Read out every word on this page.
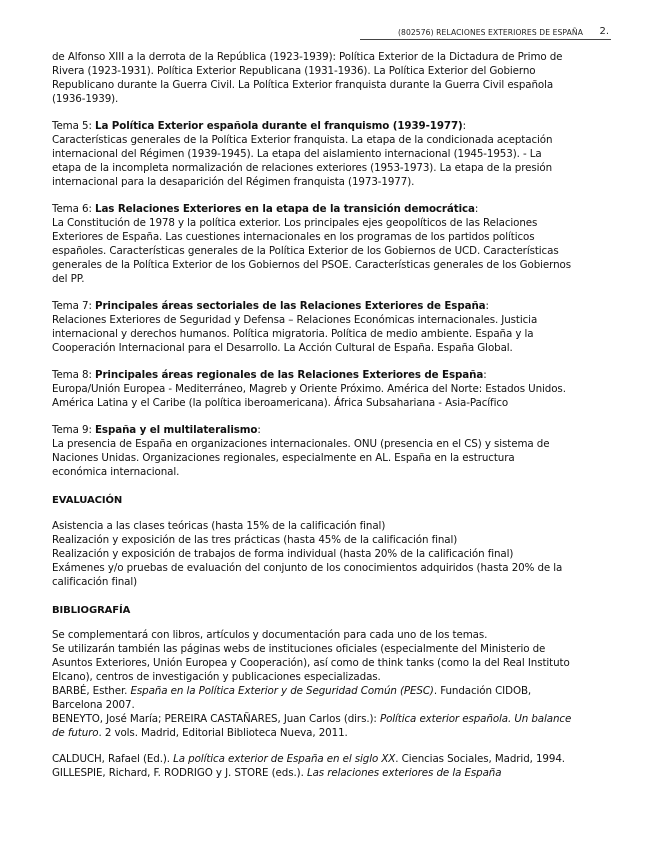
(802576) RELACIONES EXTERIORES DE ESPAÑA 2.

de Alfonso XIII a la derrota de la República (1923-1939): Política Exterior de la Dictadura de Primo de Rivera (1923-1931). Política Exterior Republicana (1931-1936). La Política Exterior del Gobierno Republicano durante la Guerra Civil. La Política Exterior franquista durante la Guerra Civil española (1936-1939).

Tema 5: La Política Exterior española durante el franquismo (1939-1977):

Características generales de la Política Exterior franquista. La etapa de la condicionada aceptación internacional del Régimen (1939-1945). La etapa del aislamiento internacional (1945-1953). - La etapa de la incompleta normalización de relaciones exteriores (1953-1973). La etapa de la presión internacional para la desaparición del Régimen franquista (1973-1977).

Tema 6: Las Relaciones Exteriores en la etapa de la transición democrática:

La Constitución de 1978 y la política exterior. Los principales ejes geopolíticos de las Relaciones Exteriores de España. Las cuestiones internacionales en los programas de los partidos políticos españoles. Características generales de la Política Exterior de los Gobiernos de UCD. Características generales de la Política Exterior de los Gobiernos del PSOE. Características generales de los Gobiernos del PP.

Tema 7: Principales áreas sectoriales de las Relaciones Exteriores de España:

Relaciones Exteriores de Seguridad y Defensa – Relaciones Económicas internacionales. Justicia internacional y derechos humanos. Política migratoria. Política de medio ambiente. España y la Cooperación Internacional para el Desarrollo. La Acción Cultural de España. España Global.

Tema 8: Principales áreas regionales de las Relaciones Exteriores de España:

Europa/Unión Europea - Mediterráneo, Magreb y Oriente Próximo. América del Norte: Estados Unidos. América Latina y el Caribe (la política iberoamericana). África Subsahariana - Asia-Pacífico

Tema 9: España y el multilateralismo:

La presencia de España en organizaciones internacionales. ONU (presencia en el CS) y sistema de Naciones Unidas. Organizaciones regionales, especialmente en AL. España en la estructura económica internacional.

EVALUACIÓN

Asistencia a las clases teóricas (hasta 15% de la calificación final)

Realización y exposición de las tres prácticas (hasta 45% de la calificación final)

Realización y exposición de trabajos de forma individual (hasta 20% de la calificación final)

Exámenes y/o pruebas de evaluación del conjunto de los conocimientos adquiridos (hasta 20% de la calificación final)

BIBLIOGRAFÍA

Se complementará con libros, artículos y documentación para cada uno de los temas.

Se utilizarán también las páginas webs de instituciones oficiales (especialmente del Ministerio de Asuntos Exteriores, Unión Europea y Cooperación), así como de think tanks (como la del Real Instituto Elcano), centros de investigación y publicaciones especializadas.

BARBÉ, Esther. España en la Política Exterior y de Seguridad Común (PESC). Fundación CIDOB, Barcelona 2007.

BENEYTO, José María; PEREIRA CASTAÑARES, Juan Carlos (dirs.): Política exterior española. Un balance de futuro. 2 vols. Madrid, Editorial Biblioteca Nueva, 2011.

CALDUCH, Rafael (Ed.). La política exterior de España en el siglo XX. Ciencias Sociales, Madrid, 1994.

GILLESPIE, Richard, F. RODRIGO y J. STORE (eds.). Las relaciones exteriores de la España
